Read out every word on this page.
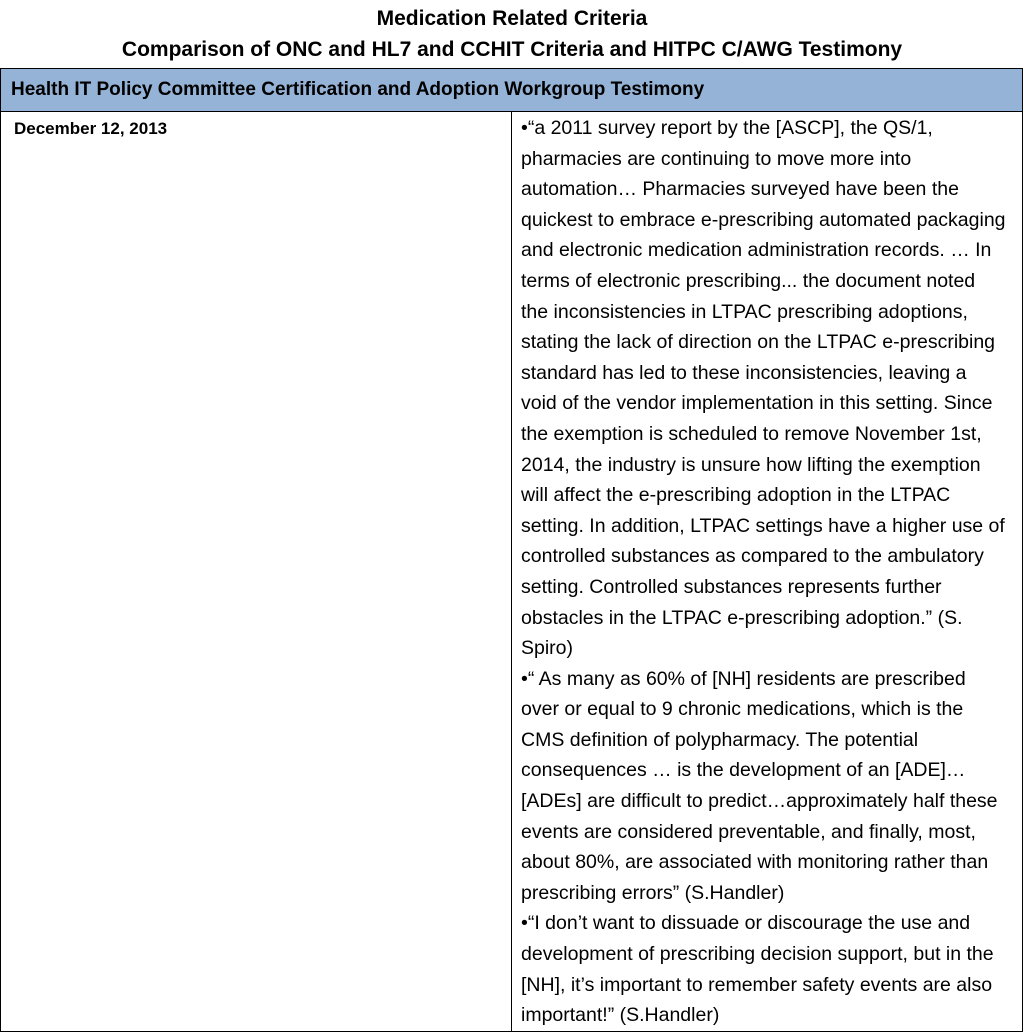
Medication Related Criteria
Comparison of ONC and HL7 and CCHIT Criteria and HITPC C/AWG Testimony
Health IT Policy Committee Certification and Adoption Workgroup Testimony
December 12, 2013	•“a 2011 survey report by the [ASCP], the QS/1, pharmacies are continuing to move more into automation… Pharmacies surveyed have been the quickest to embrace e-prescribing automated packaging and electronic medication administration records. … In terms of electronic prescribing... the document noted the inconsistencies in LTPAC prescribing adoptions, stating the lack of direction on the LTPAC e-prescribing standard has led to these inconsistencies, leaving a void of the vendor implementation in this setting. Since the exemption is scheduled to remove November 1st, 2014, the industry is unsure how lifting the exemption will affect the e-prescribing adoption in the LTPAC setting. In addition, LTPAC settings have a higher use of controlled substances as compared to the ambulatory setting. Controlled substances represents further obstacles in the LTPAC e-prescribing adoption.” (S. Spiro)
•“ As many as 60% of [NH] residents are prescribed over or equal to 9 chronic medications, which is the CMS definition of polypharmacy. The potential consequences … is the development of an [ADE]…[ADEs] are difficult to predict…approximately half these events are considered preventable, and finally, most, about 80%, are associated with monitoring rather than prescribing errors” (S.Handler)
•“I don’t want to dissuade or discourage the use and development of prescribing decision support, but in the [NH], it’s important to remember safety events are also important!” (S.Handler)
